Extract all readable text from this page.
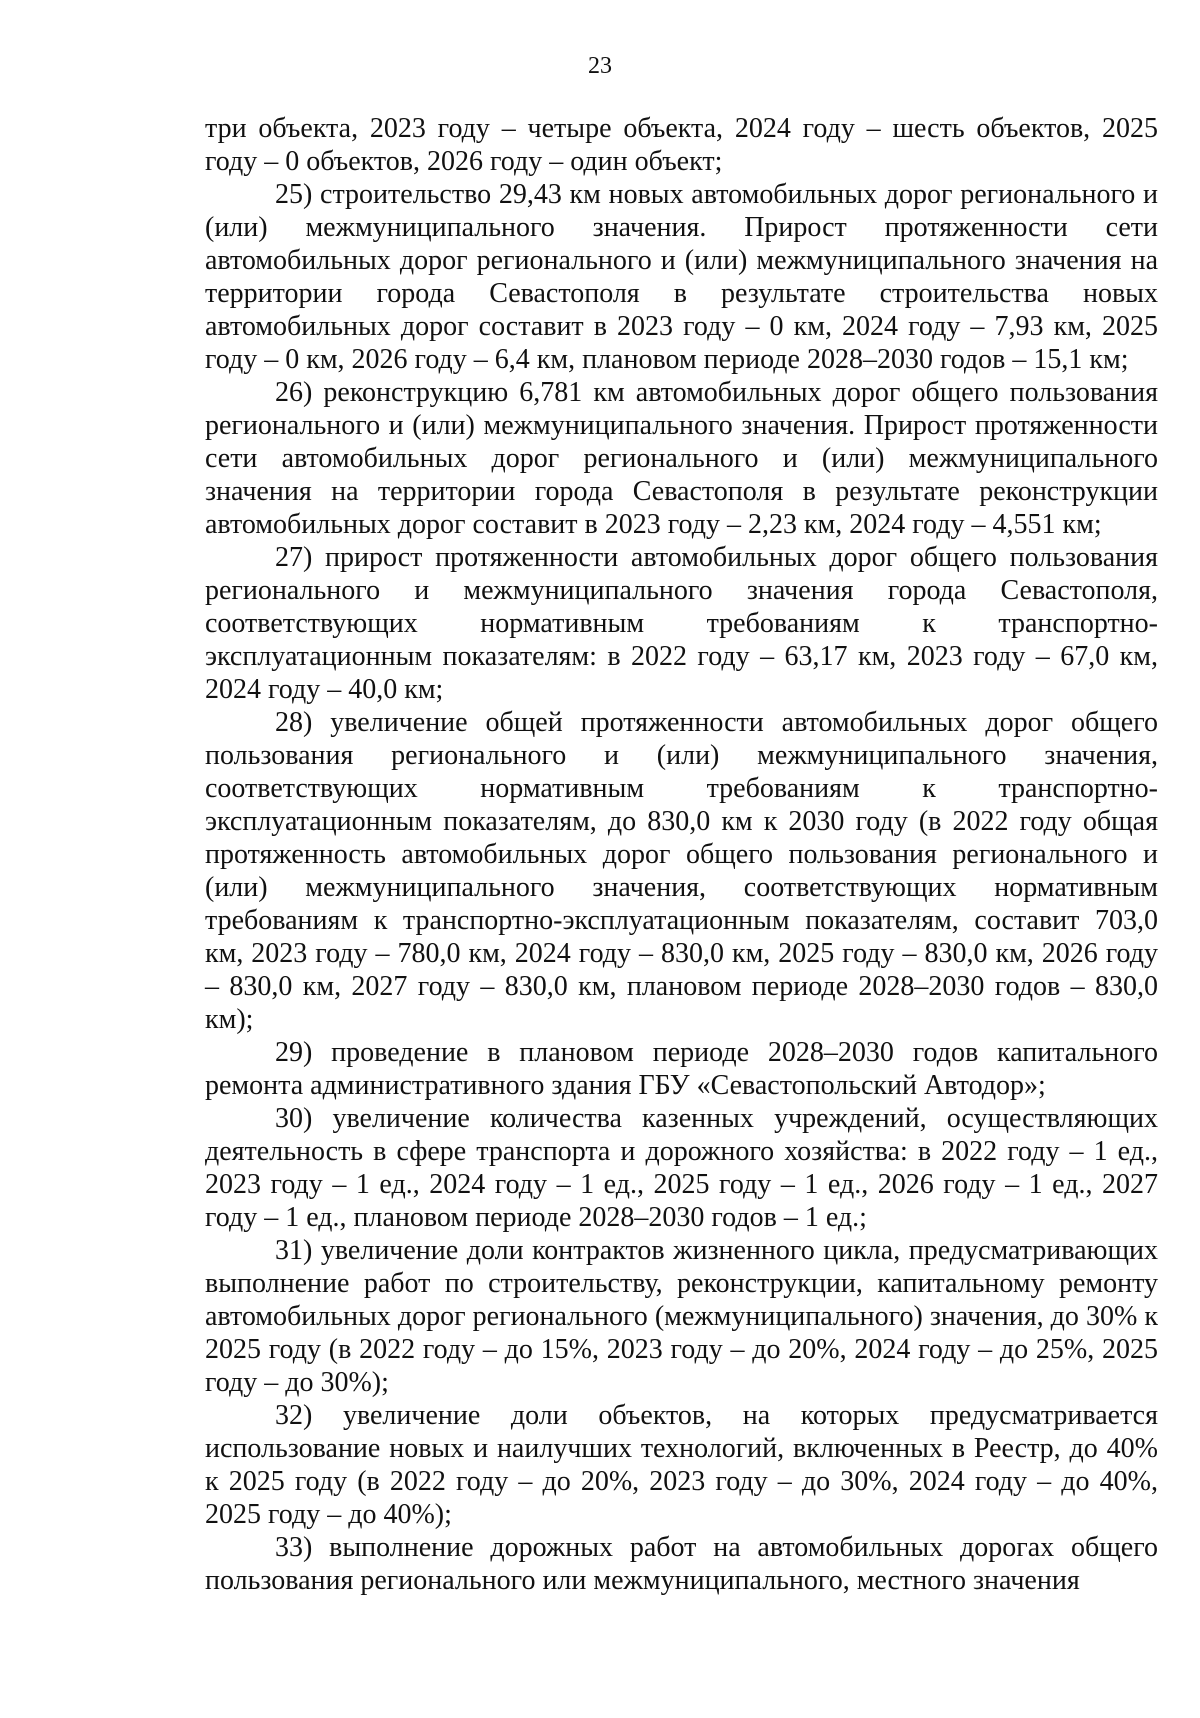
23

три объекта, 2023 году – четыре объекта, 2024 году – шесть объектов, 2025 году – 0 объектов, 2026 году – один объект;

25) строительство 29,43 км новых автомобильных дорог регионального и (или) межмуниципального значения. Прирост протяженности сети автомобильных дорог регионального и (или) межмуниципального значения на территории города Севастополя в результате строительства новых автомобильных дорог составит в 2023 году – 0 км, 2024 году – 7,93 км, 2025 году – 0 км, 2026 году – 6,4 км, плановом периоде 2028–2030 годов – 15,1 км;

26) реконструкцию 6,781 км автомобильных дорог общего пользования регионального и (или) межмуниципального значения. Прирост протяженности сети автомобильных дорог регионального и (или) межмуниципального значения на территории города Севастополя в результате реконструкции автомобильных дорог составит в 2023 году – 2,23 км, 2024 году – 4,551 км;

27) прирост протяженности автомобильных дорог общего пользования регионального и межмуниципального значения города Севастополя, соответствующих нормативным требованиям к транспортно-эксплуатационным показателям: в 2022 году – 63,17 км, 2023 году – 67,0 км, 2024 году – 40,0 км;

28) увеличение общей протяженности автомобильных дорог общего пользования регионального и (или) межмуниципального значения, соответствующих нормативным требованиям к транспортно-эксплуатационным показателям, до 830,0 км к 2030 году (в 2022 году общая протяженность автомобильных дорог общего пользования регионального и (или) межмуниципального значения, соответствующих нормативным требованиям к транспортно-эксплуатационным показателям, составит 703,0 км, 2023 году – 780,0 км, 2024 году – 830,0 км, 2025 году – 830,0 км, 2026 году – 830,0 км, 2027 году – 830,0 км, плановом периоде 2028–2030 годов – 830,0 км);

29) проведение в плановом периоде 2028–2030 годов капитального ремонта административного здания ГБУ «Севастопольский Автодор»;

30) увеличение количества казенных учреждений, осуществляющих деятельность в сфере транспорта и дорожного хозяйства: в 2022 году – 1 ед., 2023 году – 1 ед., 2024 году – 1 ед., 2025 году – 1 ед., 2026 году – 1 ед., 2027 году – 1 ед., плановом периоде 2028–2030 годов – 1 ед.;

31) увеличение доли контрактов жизненного цикла, предусматривающих выполнение работ по строительству, реконструкции, капитальному ремонту автомобильных дорог регионального (межмуниципального) значения, до 30% к 2025 году (в 2022 году – до 15%, 2023 году – до 20%, 2024 году – до 25%, 2025 году – до 30%);

32) увеличение доли объектов, на которых предусматривается использование новых и наилучших технологий, включенных в Реестр, до 40% к 2025 году (в 2022 году – до 20%, 2023 году – до 30%, 2024 году – до 40%, 2025 году – до 40%);

33) выполнение дорожных работ на автомобильных дорогах общего пользования регионального или межмуниципального, местного значения
